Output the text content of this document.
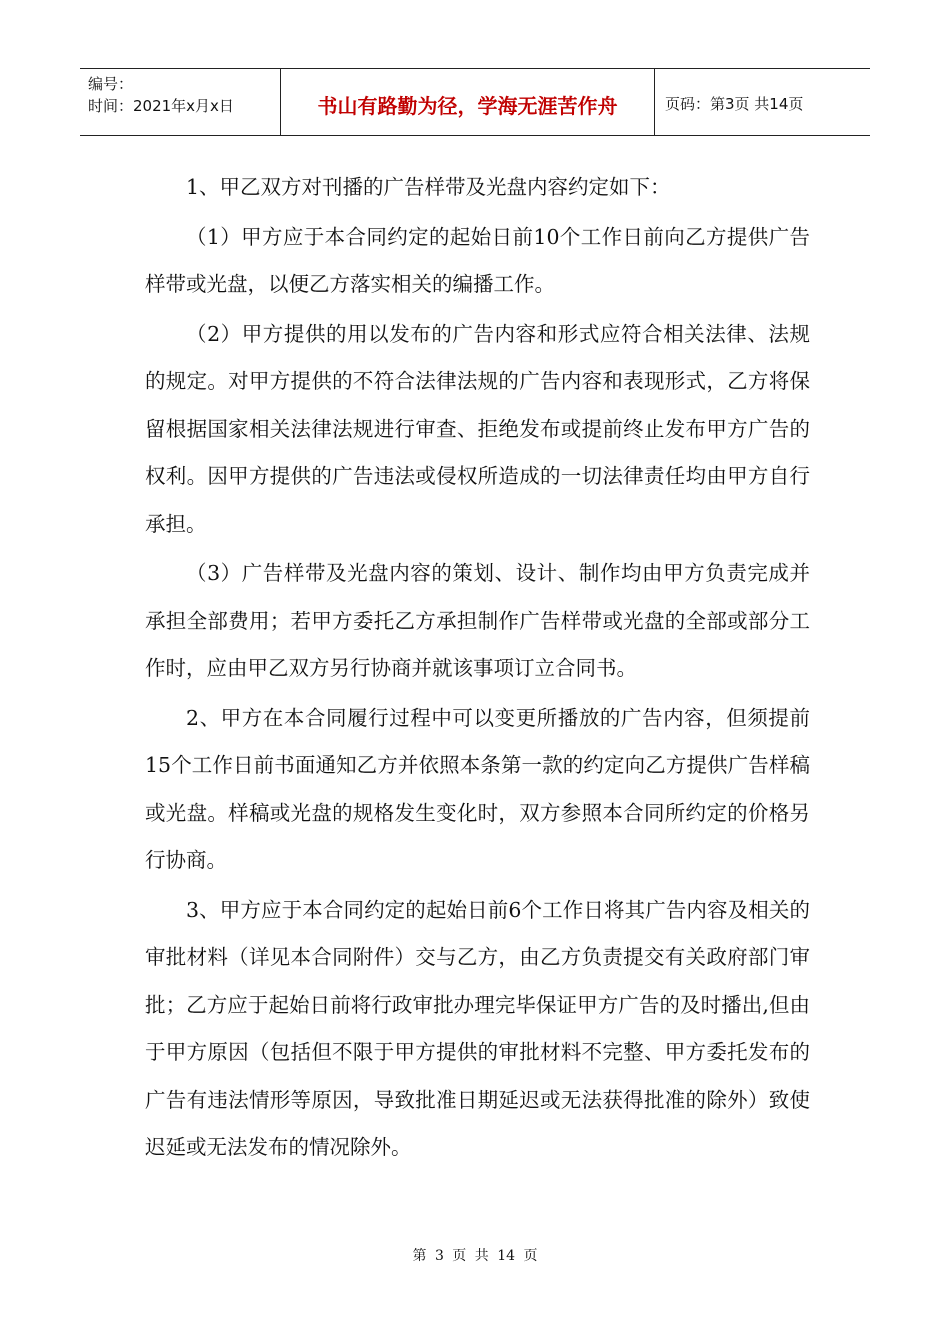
编号：
时间：2021年x月x日	书山有路勤为径，学海无涯苦作舟	页码：第3页 共14页

1、甲乙双方对刊播的广告样带及光盘内容约定如下：

（1）甲方应于本合同约定的起始日前10个工作日前向乙方提供广告样带或光盘，以便乙方落实相关的编播工作。

（2）甲方提供的用以发布的广告内容和形式应符合相关法律、法规的规定。对甲方提供的不符合法律法规的广告内容和表现形式，乙方将保留根据国家相关法律法规进行审查、拒绝发布或提前终止发布甲方广告的权利。因甲方提供的广告违法或侵权所造成的一切法律责任均由甲方自行承担。

（3）广告样带及光盘内容的策划、设计、制作均由甲方负责完成并承担全部费用；若甲方委托乙方承担制作广告样带或光盘的全部或部分工作时，应由甲乙双方另行协商并就该事项订立合同书。

2、甲方在本合同履行过程中可以变更所播放的广告内容，但须提前15个工作日前书面通知乙方并依照本条第一款的约定向乙方提供广告样稿或光盘。样稿或光盘的规格发生变化时，双方参照本合同所约定的价格另行协商。

3、甲方应于本合同约定的起始日前6个工作日将其广告内容及相关的审批材料（详见本合同附件）交与乙方，由乙方负责提交有关政府部门审批；乙方应于起始日前将行政审批办理完毕保证甲方广告的及时播出,但由于甲方原因（包括但不限于甲方提供的审批材料不完整、甲方委托发布的广告有违法情形等原因，导致批准日期延迟或无法获得批准的除外）致使迟延或无法发布的情况除外。

第 3 页 共 14 页
